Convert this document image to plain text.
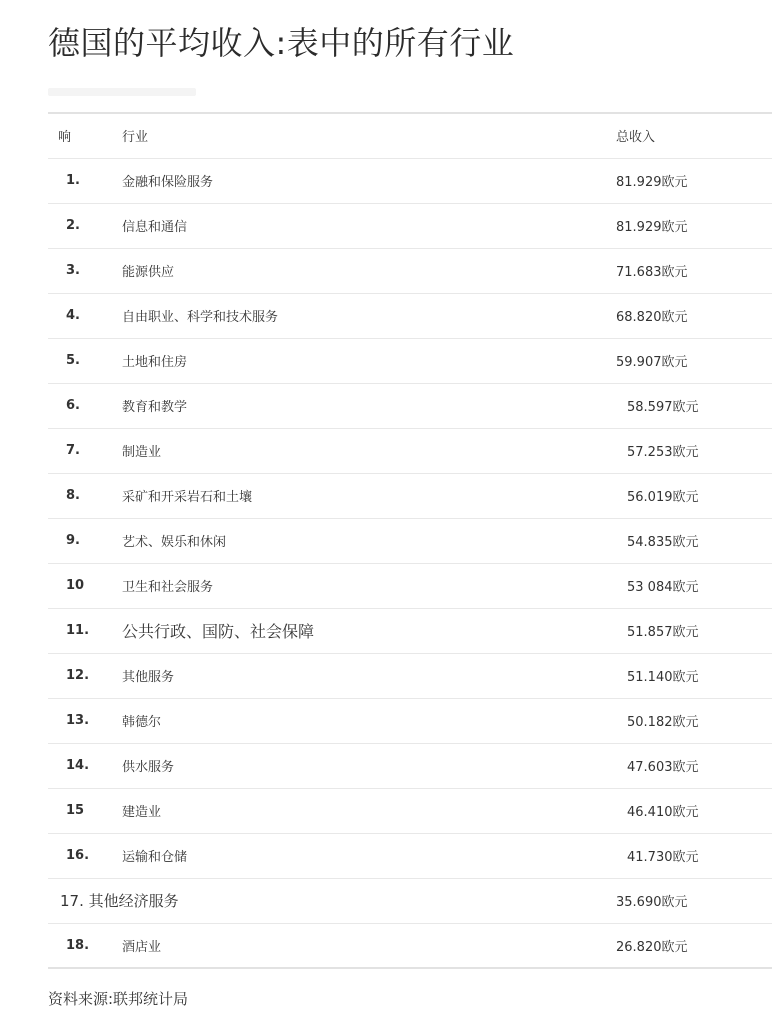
德国的平均收入:表中的所有行业
响	行业	总收入
1.	金融和保险服务	81.929欧元
2.	信息和通信	81.929欧元
3.	能源供应	71.683欧元
4.	自由职业、科学和技术服务	68.820欧元
5.	土地和住房	59.907欧元
6.	教育和教学	58.597欧元
7.	制造业	57.253欧元
8.	采矿和开采岩石和土壤	56.019欧元
9.	艺术、娱乐和休闲	54.835欧元
10	卫生和社会服务	53 084欧元
11.	公共行政、国防、社会保障	51.857欧元
12.	其他服务	51.140欧元
13.	韩德尔	50.182欧元
14.	供水服务	47.603欧元
15	建造业	46.410欧元
16.	运输和仓储	41.730欧元
17. 其他经济服务		35.690欧元
18.	酒店业	26.820欧元
资料来源:联邦统计局
